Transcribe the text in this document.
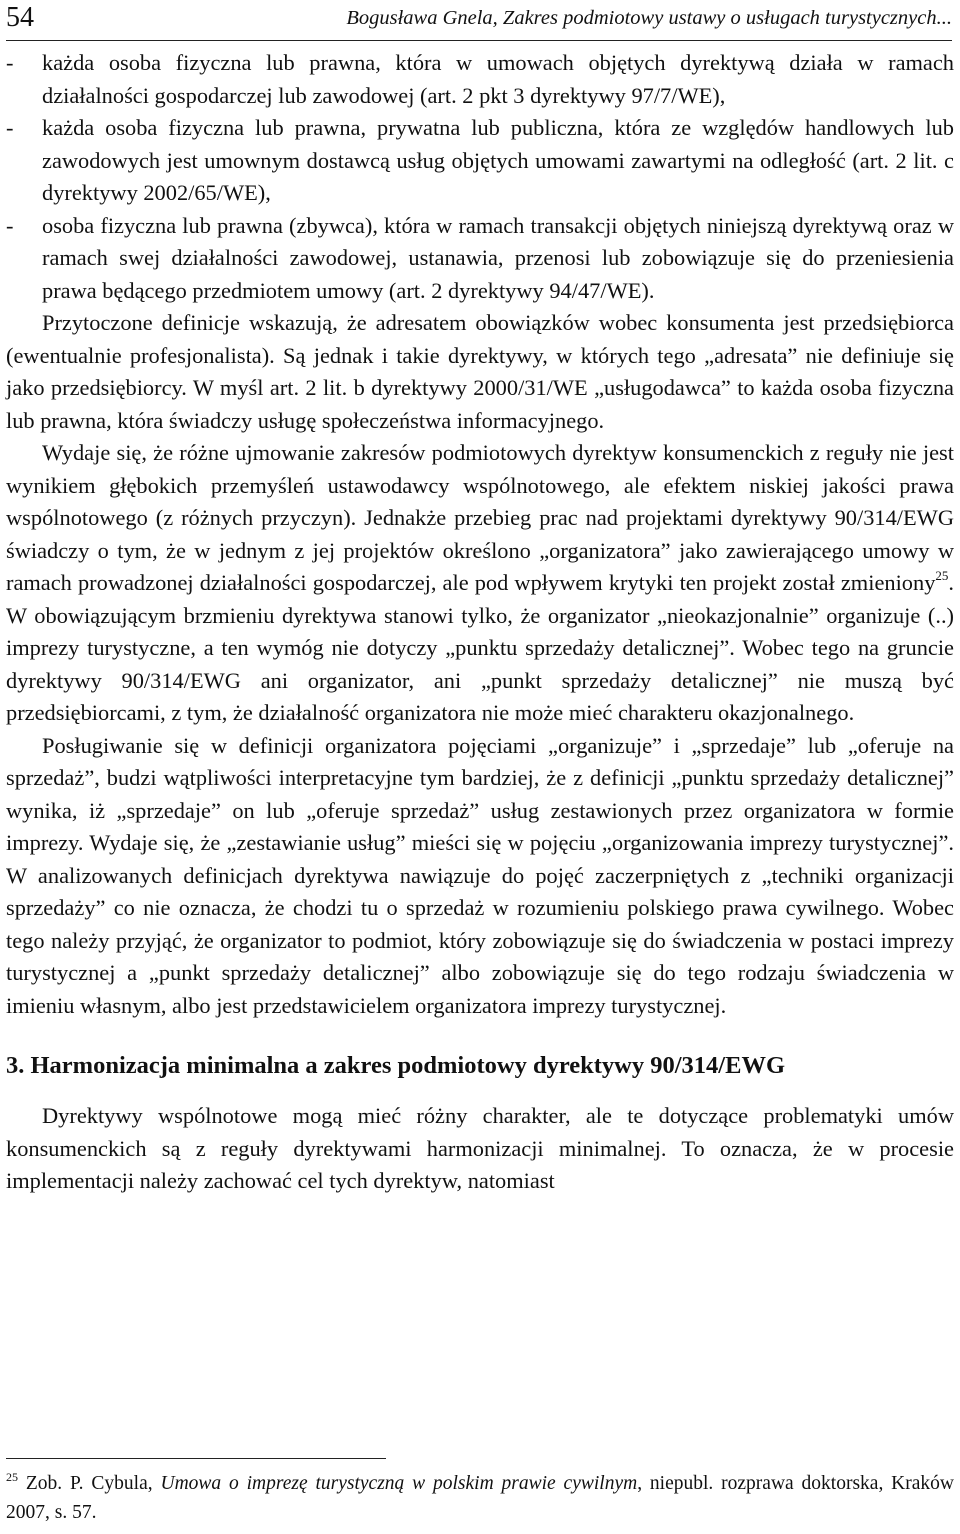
54	Bogusława Gnela, Zakres podmiotowy ustawy o usługach turystycznych...
- każda osoba fizyczna lub prawna, która w umowach objętych dyrektywą działa w ramach działalności gospodarczej lub zawodowej (art. 2 pkt 3 dyrektywy 97/7/WE),
- każda osoba fizyczna lub prawna, prywatna lub publiczna, która ze względów handlowych lub zawodowych jest umownym dostawcą usług objętych umowami zawartymi na odległość (art. 2 lit. c dyrektywy 2002/65/WE),
- osoba fizyczna lub prawna (zbywca), która w ramach transakcji objętych niniejszą dyrektywą oraz w ramach swej działalności zawodowej, ustanawia, przenosi lub zobowiązuje się do przeniesienia prawa będącego przedmiotem umowy (art. 2 dyrektywy 94/47/WE).

Przytoczone definicje wskazują, że adresatem obowiązków wobec konsumenta jest przedsiębiorca (ewentualnie profesjonalista). Są jednak i takie dyrektywy, w których tego „adresata” nie definiuje się jako przedsiębiorcy. W myśl art. 2 lit. b dyrektywy 2000/31/WE „usługodawca” to każda osoba fizyczna lub prawna, która świadczy usługę społeczeństwa informacyjnego.

Wydaje się, że różne ujmowanie zakresów podmiotowych dyrektyw konsumenckich z reguły nie jest wynikiem głębokich przemyśleń ustawodawcy wspólnotowego, ale efektem niskiej jakości prawa wspólnotowego (z różnych przyczyn). Jednakże przebieg prac nad projektami dyrektywy 90/314/EWG świadczy o tym, że w jednym z jej projektów określono „organizatora” jako zawierającego umowy w ramach prowadzonej działalności gospodarczej, ale pod wpływem krytyki ten projekt został zmieniony$^{25}$. W obowiązującym brzmieniu dyrektywa stanowi tylko, że organizator „nieokazjonalnie” organizuje (..) imprezy turystyczne, a ten wymóg nie dotyczy „punktu sprzedaży detalicznej”. Wobec tego na gruncie dyrektywy 90/314/EWG ani organizator, ani „punkt sprzedaży detalicznej” nie muszą być przedsiębiorcami, z tym, że działalność organizatora nie może mieć charakteru okazjonalnego.

Posługiwanie się w definicji organizatora pojęciami „organizuje” i „sprzedaje” lub „oferuje na sprzedaż”, budzi wątpliwości interpretacyjne tym bardziej, że z definicji „punktu sprzedaży detalicznej” wynika, iż „sprzedaje” on lub „oferuje sprzedaż” usług zestawionych przez organizatora w formie imprezy. Wydaje się, że „zestawianie usług” mieści się w pojęciu „organizowania imprezy turystycznej”. W analizowanych definicjach dyrektywa nawiązuje do pojęć zaczerpniętych z „techniki organizacji sprzedaży” co nie oznacza, że chodzi tu o sprzedaż w rozumieniu polskiego prawa cywilnego. Wobec tego należy przyjąć, że organizator to podmiot, który zobowiązuje się do świadczenia w postaci imprezy turystycznej a „punkt sprzedaży detalicznej” albo zobowiązuje się do tego rodzaju świadczenia w imieniu własnym, albo jest przedstawicielem organizatora imprezy turystycznej.

3. Harmonizacja minimalna a zakres podmiotowy dyrektywy 90/314/EWG

Dyrektywy wspólnotowe mogą mieć różny charakter, ale te dotyczące problematyki umów konsumenckich są z reguły dyrektywami harmonizacji minimalnej. To oznacza, że w procesie implementacji należy zachować cel tych dyrektyw, natomiast

$^{25}$ Zob. P. Cybula, Umowa o imprezę turystyczną w polskim prawie cywilnym, niepubl. rozprawa doktorska, Kraków 2007, s. 57.
